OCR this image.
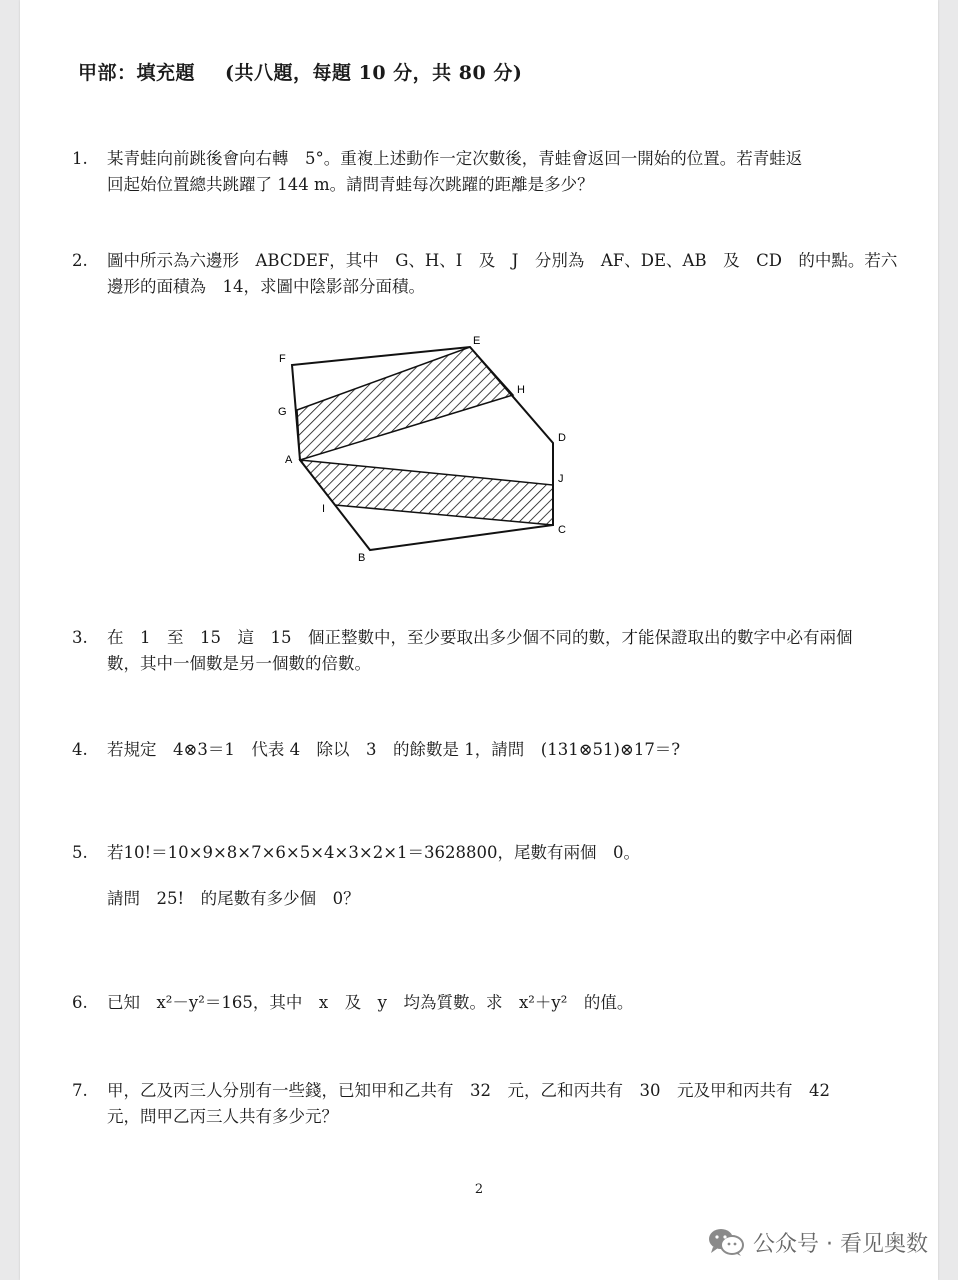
甲部：填充題 (共八題，每題 10 分，共 80 分)
1.	某青蛙向前跳後會向右轉　5°。重複上述動作一定次數後，青蛙會返回一開始的位置。若青蛙返
回起始位置總共跳躍了 144 m。請問青蛙每次跳躍的距離是多少？
2.	圖中所示為六邊形　ABCDEF，其中　G、H、I　及　J　分別為　AF、DE、AB　及　CD　的中點。若六
邊形的面積為　14，求圖中陰影部分面積。
F
E
H
G
D
A
J
I
C
B
3.	在　1　至　15　這　15　個正整數中，至少要取出多少個不同的數，才能保證取出的數字中必有兩個
數，其中一個數是另一個數的倍數。
4.	若規定　4⊗3＝1　代表 4　除以　3　的餘數是 1，請問　(131⊗51)⊗17＝?
5.	若10!＝10×9×8×7×6×5×4×3×2×1＝3628800，尾數有兩個　0。
請問　25!　的尾數有多少個　0？
6.	已知　x²－y²＝165，其中　x　及　y　均為質數。求　x²＋y²　的值。
7.	甲，乙及丙三人分別有一些錢，已知甲和乙共有　32　元，乙和丙共有　30　元及甲和丙共有　42
元，問甲乙丙三人共有多少元？
2
公众号 · 看见奥数
